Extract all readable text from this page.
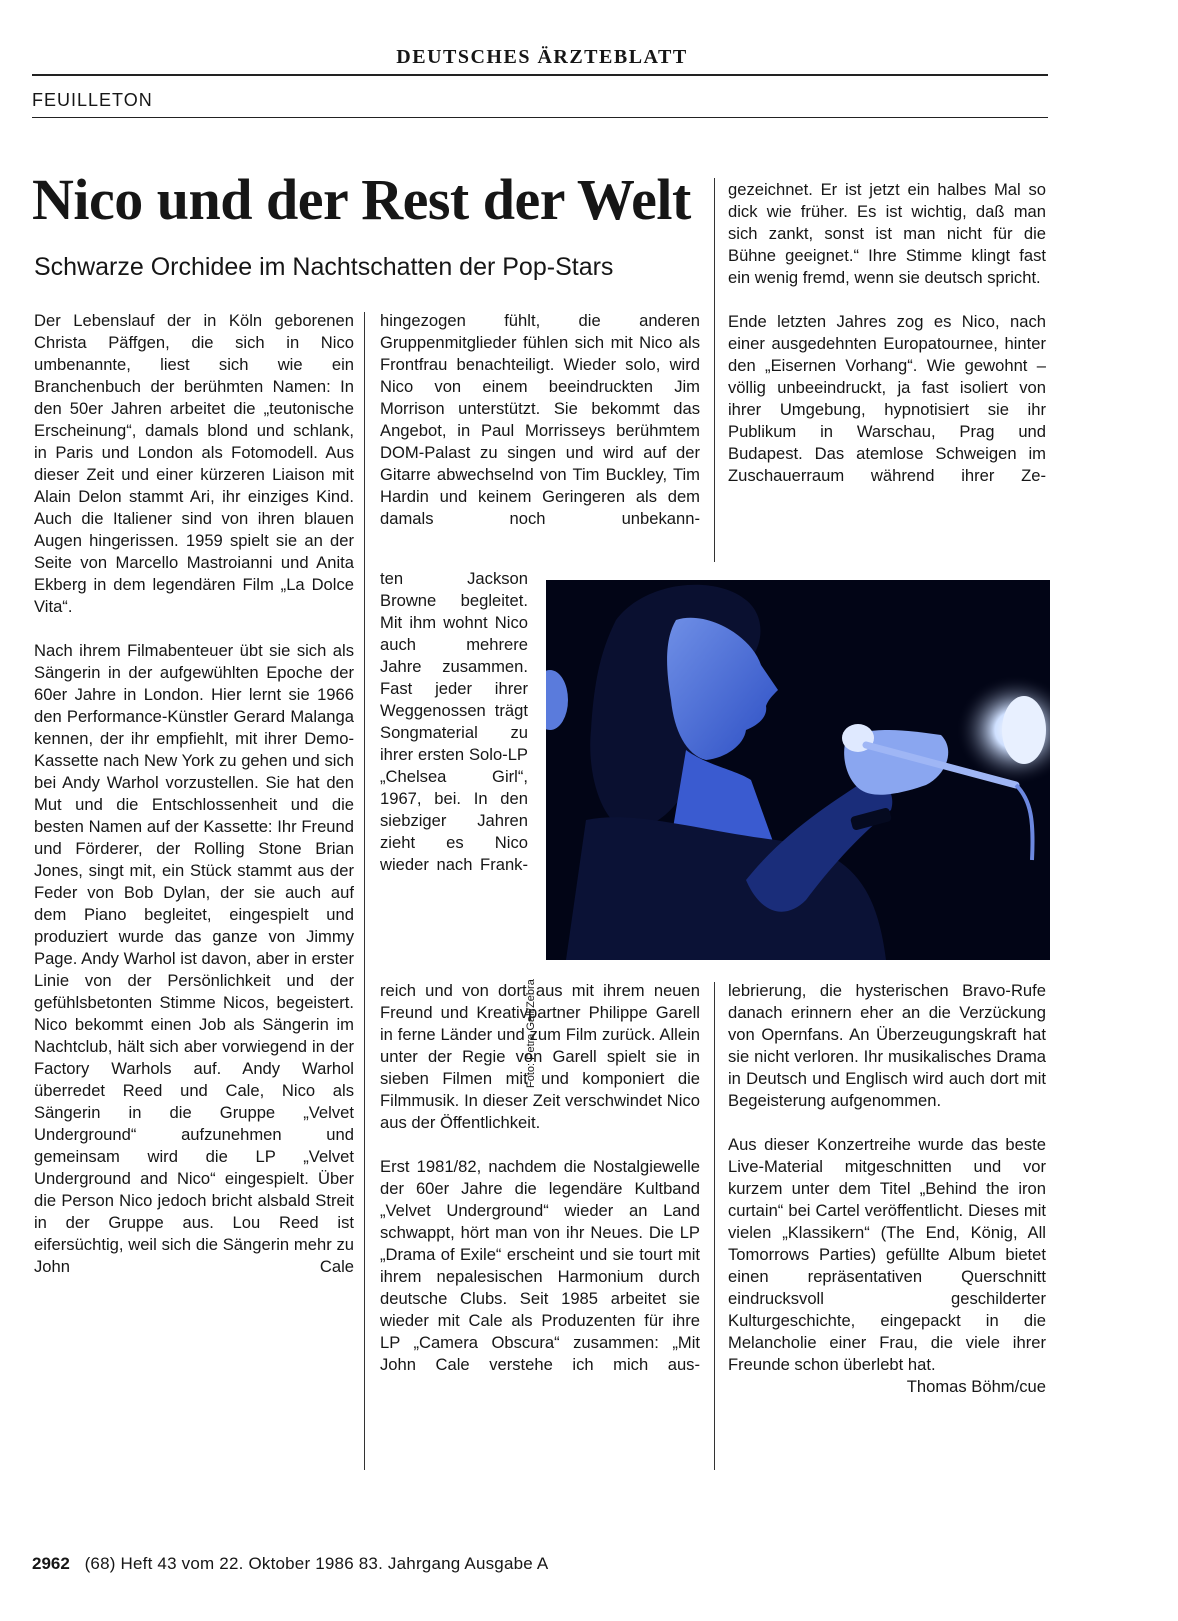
DEUTSCHES ÄRZTEBLATT
FEUILLETON
Nico und der Rest der Welt
Schwarze Orchidee im Nachtschatten der Pop-Stars

Der Lebenslauf der in Köln geborenen Christa Päffgen, die sich in Nico umbenannte, liest sich wie ein Branchenbuch der berühmten Namen: In den 50er Jahren arbeitet die „teutonische Erscheinung“, damals blond und schlank, in Paris und London als Fotomodell. Aus dieser Zeit und einer kürzeren Liaison mit Alain Delon stammt Ari, ihr einziges Kind. Auch die Italiener sind von ihren blauen Augen hingerissen. 1959 spielt sie an der Seite von Marcello Mastroianni und Anita Ekberg in dem legendären Film „La Dolce Vita“.

Nach ihrem Filmabenteuer übt sie sich als Sängerin in der aufgewühlten Epoche der 60er Jahre in London. Hier lernt sie 1966 den Performance-Künstler Gerard Malanga kennen, der ihr empfiehlt, mit ihrer Demo-Kassette nach New York zu gehen und sich bei Andy Warhol vorzustellen. Sie hat den Mut und die Entschlossenheit und die besten Namen auf der Kassette: Ihr Freund und Förderer, der Rolling Stone Brian Jones, singt mit, ein Stück stammt aus der Feder von Bob Dylan, der sie auch auf dem Piano begleitet, eingespielt und produziert wurde das ganze von Jimmy Page. Andy Warhol ist davon, aber in erster Linie von der Persönlichkeit und der gefühlsbetonten Stimme Nicos, begeistert. Nico bekommt einen Job als Sängerin im Nachtclub, hält sich aber vorwiegend in der Factory Warhols auf. Andy Warhol überredet Reed und Cale, Nico als Sängerin in die Gruppe „Velvet Underground“ aufzunehmen und gemeinsam wird die LP „Velvet Underground and Nico“ eingespielt. Über die Person Nico jedoch bricht alsbald Streit in der Gruppe aus. Lou Reed ist eifersüchtig, weil sich die Sängerin mehr zu John Cale

hingezogen fühlt, die anderen Gruppenmitglieder fühlen sich mit Nico als Frontfrau benachteiligt. Wieder solo, wird Nico von einem beeindruckten Jim Morrison unterstützt. Sie bekommt das Angebot, in Paul Morrisseys berühmtem DOM-Palast zu singen und wird auf der Gitarre abwechselnd von Tim Buckley, Tim Hardin und keinem Geringeren als dem damals noch unbekann-

ten Jackson Browne begleitet. Mit ihm wohnt Nico auch mehrere Jahre zusammen. Fast jeder ihrer Weggenossen trägt Songmaterial zu ihrer ersten Solo-LP „Chelsea Girl“, 1967, bei. In den siebziger Jahren zieht es Nico wieder nach Frank-

reich und von dort aus mit ihrem neuen Freund und Kreativpartner Philippe Garell in ferne Länder und zum Film zurück. Allein unter der Regie von Garell spielt sie in sieben Filmen mit und komponiert die Filmmusik. In dieser Zeit verschwindet Nico aus der Öffentlichkeit.

Erst 1981/82, nachdem die Nostalgiewelle der 60er Jahre die legendäre Kultband „Velvet Underground“ wieder an Land schwappt, hört man von ihr Neues. Die LP „Drama of Exile“ erscheint und sie tourt mit ihrem nepalesischen Harmonium durch deutsche Clubs. Seit 1985 arbeitet sie wieder mit Cale als Produzenten für ihre LP „Camera Obscura“ zusammen: „Mit John Cale verstehe ich mich aus-

gezeichnet. Er ist jetzt ein halbes Mal so dick wie früher. Es ist wichtig, daß man sich zankt, sonst ist man nicht für die Bühne geeignet.“ Ihre Stimme klingt fast ein wenig fremd, wenn sie deutsch spricht.

Ende letzten Jahres zog es Nico, nach einer ausgedehnten Europatournee, hinter den „Eisernen Vorhang“. Wie gewohnt – völlig unbeeindruckt, ja fast isoliert von ihrer Umgebung, hypnotisiert sie ihr Publikum in Warschau, Prag und Budapest. Das atemlose Schweigen im Zuschauerraum während ihrer Ze-

lebrierung, die hysterischen Bravo-Rufe danach erinnern eher an die Verzückung von Opernfans. An Überzeugungskraft hat sie nicht verloren. Ihr musikalisches Drama in Deutsch und Englisch wird auch dort mit Begeisterung aufgenommen.

Aus dieser Konzertreihe wurde das beste Live-Material mitgeschnitten und vor kurzem unter dem Titel „Behind the iron curtain“ bei Cartel veröffentlicht. Dieses mit vielen „Klassikern“ (The End, König, All Tomorrows Parties) gefüllte Album bietet einen repräsentativen Querschnitt eindrucksvoll geschilderter Kulturgeschichte, eingepackt in die Melancholie einer Frau, die viele ihrer Freunde schon überlebt hat.
Thomas Böhm/cue

Foto: Petra Gall/Zebra
2962 (68) Heft 43 vom 22. Oktober 1986 83. Jahrgang Ausgabe A
